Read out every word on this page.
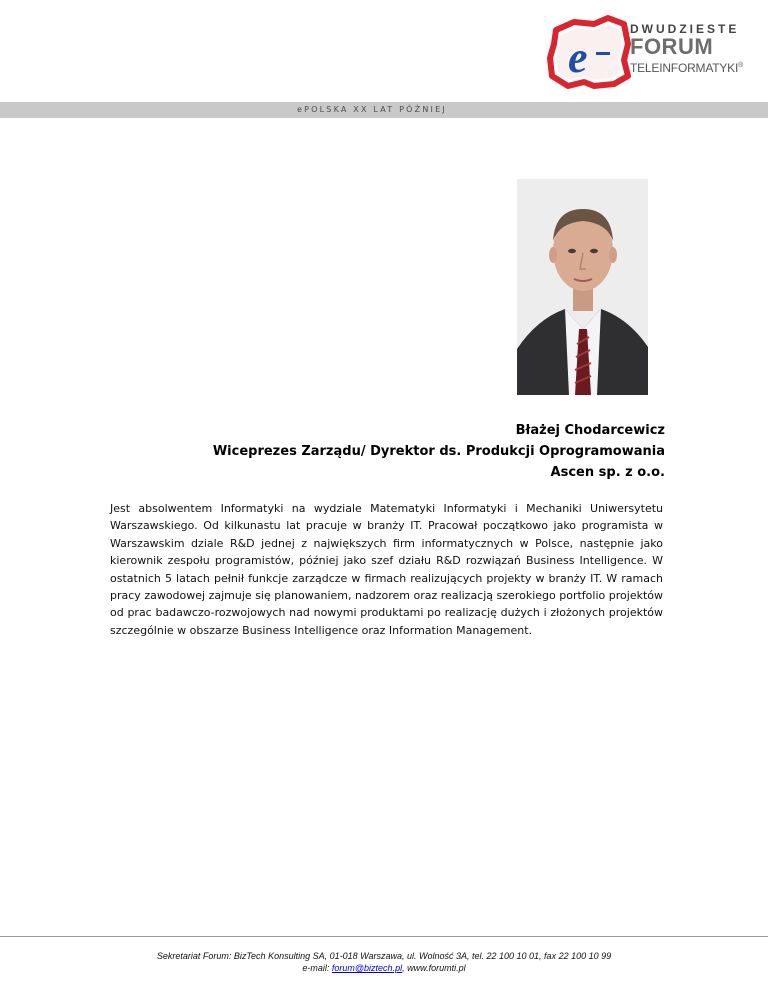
e
DWUDZIESTE
FORUM
TELEINFORMATYKI®
ePOLSKA XX LAT PÓŹNIEJ
Błażej Chodarcewicz
Wiceprezes Zarządu/ Dyrektor ds. Produkcji Oprogramowania
Ascen sp. z o.o.
Jest absolwentem Informatyki na wydziale Matematyki Informatyki i Mechaniki Uniwersytetu Warszawskiego. Od kilkunastu lat pracuje w branży IT. Pracował początkowo jako programista w Warszawskim dziale R&D jednej z największych firm informatycznych w Polsce, następnie jako kierownik zespołu programistów, później jako szef działu R&D rozwiązań Business Intelligence. W ostatnich 5 latach pełnił funkcje zarządcze w firmach realizujących projekty w branży IT. W ramach pracy zawodowej zajmuje się planowaniem, nadzorem oraz realizacją szerokiego portfolio projektów od prac badawczo-rozwojowych nad nowymi produktami po realizację dużych i złożonych projektów szczególnie w obszarze Business Intelligence oraz Information Management.
Sekretariat Forum: BizTech Konsulting SA, 01-018 Warszawa, ul. Wolność 3A, tel. 22 100 10 01, fax 22 100 10 99
e-mail: forum@biztech.pl, www.forumti.pl
